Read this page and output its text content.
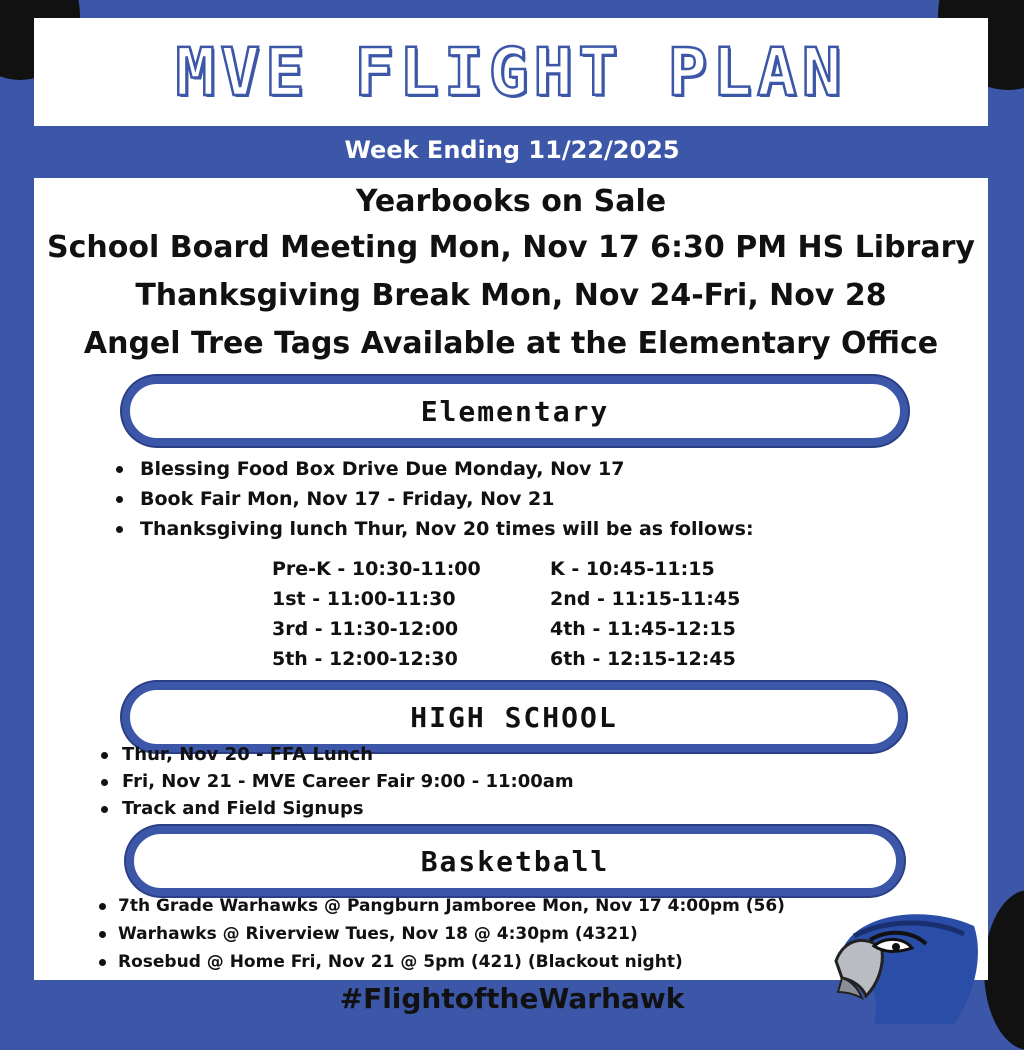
MVE FLIGHT PLAN
Week Ending 11/22/2025
Yearbooks on Sale
School Board Meeting Mon, Nov 17 6:30 PM HS Library
Thanksgiving Break Mon, Nov 24-Fri, Nov 28
Angel Tree Tags Available at the Elementary Office
Elementary
Blessing Food Box Drive Due Monday, Nov 17
Book Fair Mon, Nov 17 - Friday, Nov 21
Thanksgiving lunch Thur, Nov 20 times will be as follows:
Pre-K - 10:30-11:00
1st - 11:00-11:30
3rd - 11:30-12:00
5th - 12:00-12:30
K - 10:45-11:15
2nd - 11:15-11:45
4th - 11:45-12:15
6th - 12:15-12:45
HIGH SCHOOL
Thur, Nov 20 - FFA Lunch
Fri, Nov 21 - MVE Career Fair 9:00 - 11:00am
Track and Field Signups
Basketball
7th Grade Warhawks @ Pangburn Jamboree Mon, Nov 17 4:00pm (56)
Warhawks @ Riverview Tues, Nov 18 @ 4:30pm (4321)
Rosebud @ Home Fri, Nov 21 @ 5pm (421) (Blackout night)
#FlightoftheWarhawk
